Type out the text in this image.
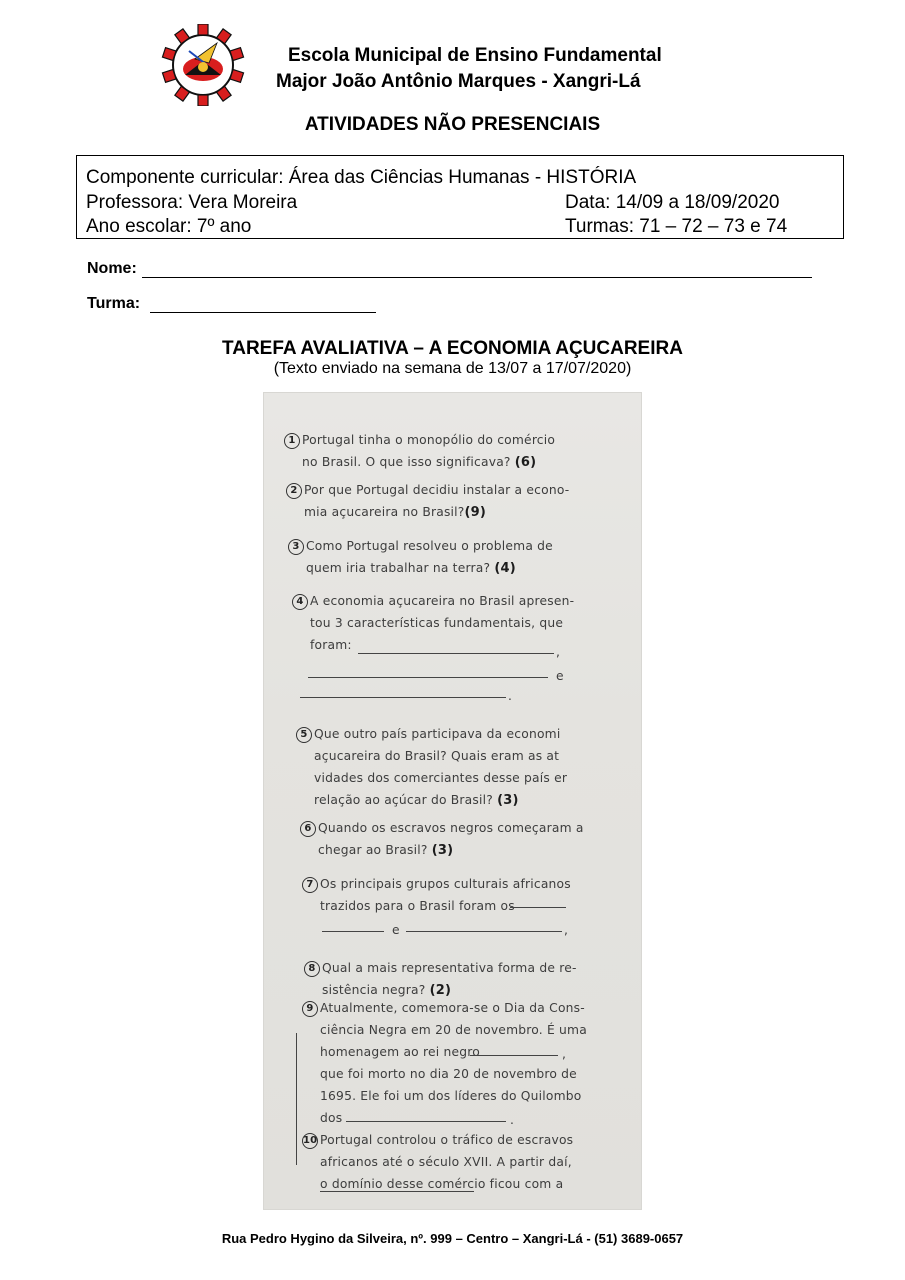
Escola Municipal de Ensino Fundamental
Major João Antônio Marques - Xangri-Lá
ATIVIDADES NÃO PRESENCIAIS
Componente curricular: Área das Ciências Humanas - HISTÓRIA
Professora: Vera Moreira	Data: 14/09 a 18/09/2020
Ano escolar: 7º ano	Turmas: 71 – 72 – 73 e 74
Nome:
Turma:
TAREFA AVALIATIVA – A ECONOMIA AÇUCAREIRA
(Texto enviado na semana de 13/07 a 17/07/2020)
1 Portugal tinha o monopólio do comércio
no Brasil. O que isso significava? (6)
2 Por que Portugal decidiu instalar a econo-
mia açucareira no Brasil?(9)
3 Como Portugal resolveu o problema de
quem iria trabalhar na terra? (4)
4 A economia açucareira no Brasil apresen-
tou 3 características fundamentais, que
foram:	,
e
.
5 Que outro país participava da economi
açucareira do Brasil? Quais eram as at
vidades dos comerciantes desse país er
relação ao açúcar do Brasil? (3)
6 Quando os escravos negros começaram a
chegar ao Brasil? (3)
7 Os principais grupos culturais africanos
trazidos para o Brasil foram os
e	,
8 Qual a mais representativa forma de re-
sistência negra? (2)
9 Atualmente, comemora-se o Dia da Cons-
ciência Negra em 20 de novembro. É uma
homenagem ao rei negro
que foi morto no dia 20 de novembro de
1695. Ele foi um dos líderes do Quilombo
dos
,
.
10 Portugal controlou o tráfico de escravos
africanos até o século XVII. A partir daí,
o domínio desse comércio ficou com a
Rua Pedro Hygino da Silveira, nº. 999 – Centro – Xangri-Lá - (51) 3689-0657
